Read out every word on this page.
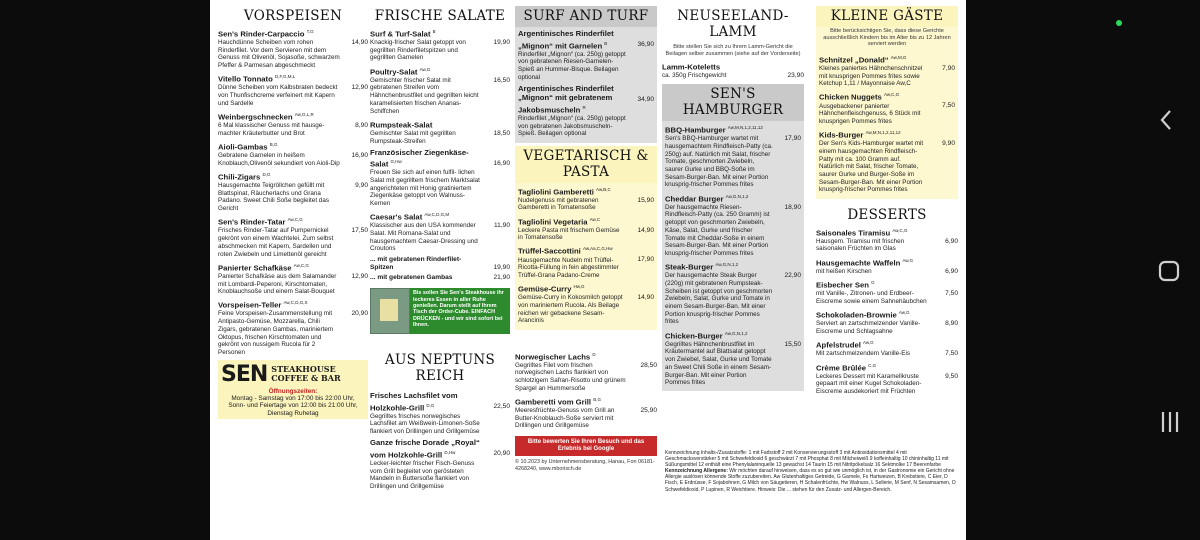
VORSPEISEN
Sen's Rinder-Carpaccio $^{T,G}$
Hauchdünne Scheiben vom rohen Rinderfilet. Vor dem Servieren mit dem Genuss mit Olivenöl, Sojasoße, schwarzem Pfeffer & Parmesan abgeschmeckt
14,90
Vitello Tonnato $^{D,F,G,M,L}$
Dünne Scheiben vom Kalbsbraten bedeckt von Thunfischcreme verfeinert mit Kapern und Sardelle
12,90
Weinbergschnecken $^{Aw,G,L,R}$
6 Mal klassischer Genuss mit hausge-machter Kräuterbutter und Brot
8,90
Aioli-Gambas $^{B,G}$
Gebratene Garnelen in heißem Knoblauch,Olivenöl sekundiert von Aioli-Dip
16,90
Chili-Zigars $^{D,G}$
Hausgemachte Teigröllchen gefüllt mit Blattspinat, Räucherlachs und Grana Padano. Sweet Chili Soße begleitet das Gericht
9,90
Sen's Rinder-Tatar $^{Aw,C,G}$
Frisches Rinder-Tatar auf Pumpernickel gekrönt von einem Wachtelei. Zum selbst abschmecken mit Kapern, Sardellen und roten Zwiebeln und Limettenöl gereicht
17,50
Panierter Schafkäse $^{Aw,C,G}$
Panierter Schafkäse aus dem Salamander mit Lombardi-Peperoni, Kirschtomaten, Knoblauchsoße und einem Salat-Bouquet
12,90
Vorspeisen-Teller $^{Aw,C,D,G,S}$
Feine Vorspeisen-Zusammenstellung mit Antipasto-Gemüse, Mozzarella, Chili Zigars, gebratenen Gambas, mariniertem Oktopus, frischen Kirschtomaten und gekrönt von nussigem Rucola für 2 Personen
20,90
SEN STEAKHOUSE
COFFEE & BAR
Öffnungszeiten:
Montag - Samstag von 17:00 bis 22:00 Uhr,
Sonn- und Feiertage von 12:00 bis 21:00 Uhr,
Dienstag Ruhetag
FRISCHE SALATE
Surf & Turf-Salat $^B$
Knackig-frischer Salat getoppt von gegrillten Rinderfiletspitzen und gegrillten Garnelen
19,90
Poultry-Salat $^{Aw,G}$
Gemischter frischer Salat mit gebratenen Streifen vom Hähnchenbrustfilet und gegrillten leicht karamelisierten frischen Ananas-Schiffchen
16,50
Rumpsteak-Salat
Gemischter Salat mit gegrillten Rumpsteak-Streifen
18,50
Französischer Ziegenkäse-Salat $^{G,Hw}$
Freuen Sie sich auf einen fulfil- lichen Salat mit gegrilltem frischem Marktsalat angerichteten mit Honig gratiniertem Ziegenkäse getoppt von Walnuss-Kernen
16,90
Caesar's Salat $^{Aw,C,D,G,M}$
Klassischer aus den USA kommender Salat. Mit Romana-Salat und hausgemachtem Caesar-Dressing und Croutons
11,90
... mit gebratenen Rinderfilet-Spitzen	19,90
... mit gebratenen Gambas	21,90
Bis sollen Sie Sen's Steakhouse ihr leckeres Essen in aller Ruhe genießen. Darum stellt auf Ihrem Tisch der Order-Cube. EINFACH DRÜCKEN - und wir sind sofort bei Ihnen.
AUS NEPTUNS REICH
Frisches Lachsfilet vom Holzkohle-Grill $^{D,G}$
Gegrilltes frisches norwegisches Lachsfilet am Weißwein-Limonen-Soße flankiert von Drillingen und Grillgemüse
22,50
Ganze frische Dorade „Royal“ vom Holzkohle-Grill $^{D,Hw}$
Lecker-leichter frischer Fisch-Genuss vom Grill begleitet von gerösteten Mandeln in Buttersoße flankiert von Drillingen und Grillgemüse
20,90
SURF AND TURF
Argentinisches Rinderfilet „Mignon“ mit Garnelen $^B$
Rinderfilet „Mignon“ (ca. 250g) getoppt von gebratenen Riesen-Garnelen-Spieß an Hummer-Bisque. Beilagen optional
36,90
Argentinisches Rinderfilet „Mignon“ mit gebratenem Jakobsmuscheln $^R$
Rinderfilet „Mignon“ (ca. 250g) getoppt von gebratenen Jakobsmuscheln-Spieß. Beilagen optional
34,90
VEGETARISCH & PASTA
Tagliolini Gamberetti $^{Aw,B,C}$
Nudelgenuss mit gebratenen Gamberetti in Tomatensoße
15,90
Tagliolini Vegetaria $^{Aw,C}$
Leckere Pasta mit frischem Gemüse in Tomatensoße
14,90
Trüffel-Saccottini $^{Aw,Aa,C,G,Hw}$
Hausgemachte Nudeln mit Trüffel-Ricotta-Füllung in fein abgestimmter Trüffel-Grana Padano-Creme
17,90
Gemüse-Curry $^{Hw,G}$
Gemüse-Curry in Kokosmilch getoppt von mariniertem Rucola. Als Beilage reichen wir gebackene Sesam-Arancinis
14,90
Norwegischer Lachs $^D$
Gegrilltes Filet vom frischen norwegischen Lachs flankiert von schlotzigem Safran-Risotto und grünem Spargel an Hummersoße
28,50
Gamberetti vom Grill $^{B,G}$
Meeresfrüchte-Genuss vom Grill an Butter-Knoblauch-Soße serviert mit Drillingen und Grillgemüse
25,90
Bitte bewerten Sie Ihren Besuch und das Erlebnis bei Google
© 10.2023 by Unternehmensberatung, Hanau, Fon 06181-4268240, www.mborisch.de
NEUSEELAND-LAMM
Bitte stellen Sie sich zu Ihrem Lamm-Gericht die Beilagen selber zusammen (siehe auf der Vorderseite)
Lamm-Koteletts
ca. 350g Frischgewicht	23,90
SEN'S HAMBURGER
BBQ-Hamburger $^{Aw,M,N,1,2,11,12}$
Sen's BBQ-Hamburger wartet mit hausgemachtem Rindfleisch-Patty (ca. 250g) auf. Natürlich mit Salat, frischer Tomate, geschmorten Zwiebeln, saurer Gurke und BBQ-Soße im Sesam-Burger-Ban. Mit einer Portion knusprig-frischer Pommes frites
17,90
Cheddar Burger $^{Aw,G,N,1,2}$
Der hausgemachte Riesen-Rindfleisch-Patty (ca. 250 Gramm) ist getoppt von geschmorten Zwiebeln, Käse, Salat, Gurke und frischer Tomate mit Cheddar-Soße in einem Sesam-Burger-Ban. Mit einer Portion knusprig-frischer Pommes frites
18,90
Steak-Burger $^{Aw,G,N,1,2}$
Der hausgemachte Steak Burger (220g) mit gebratenen Rumpsteak-Scheiben ist getoppt von geschmorten Zwiebeln, Salat, Gurke und Tomate in einem Sesam-Burger-Ban. Mit einer Portion knusprig-frischer Pommes frites
22,90
Chicken-Burger $^{Aw,G,N,1,2}$
Gegrilltes Hähnchenbrustfilet im Kräutermantel auf Blattsalat getoppt von Zwiebel, Salat, Gurke und Tomate an Sweet Chili Soße in einem Sesam-Burger-Ban. Mit einer Portion Pommes frites
15,50
KLEINE GÄSTE
Bitte berücksichtigen Sie, dass diese Gerichte ausschließlich Kindern bis im Alter bis zu 12 Jahren serviert werden
Schnitzel „Donald“ $^{Aw,M,G}$
Kleines paniertes Hähnchenschnitzel mit knusprigen Pommes frites sowie Ketchup 1,11 / Mayonnaise Aw,C
7,90
Chicken Nuggets $^{Aw,C,G}$
Ausgebackener panierter Hähnchenfleischgenuss, 6 Stück mit knusprigen Pommes frites
7,50
Kids-Burger $^{Aw,M,N,1,2,11,12}$
Der Sen's Kids-Hamburger wartet mit einem hausgemachten Rindfleisch-Patty mit ca. 100 Gramm auf. Natürlich mit Salat, frischer Tomate, saurer Gurke und Burger-Soße im Sesam-Burger-Ban. Mit einer Portion knusprig-frischer Pommes frites
9,90
DESSERTS
Saisonales Tiramisu $^{Aw,C,G}$
Hausgem. Tiramisu mit frischen saisonalen Früchten im Glas
6,90
Hausgemachte Waffeln $^{Aw,G}$
mit heißen Kirschen	6,90
Eisbecher Sen $^G$
mit Vanille-, Zitronen- und Erdbeer-Eiscreme sowie einem Sahnehäubchen
7,50
Schokoladen-Brownie $^{Aw,G}$
Serviert an zartschmelzender Vanille-Eiscreme und Schlagsahne
8,90
Apfelstrudel $^{Aw,G}$
Mit zartschmelzendem Vanille-Eis	7,50
Crème Brûlée $^{C,G}$
Leckeres Dessert mit Karamellkruste gepaart mit einer Kugel Schokoladen-Eiscreme ausdekoriert mit Früchten
9,50
Kennzeichnung Inhalts-/Zusatzstoffe: 1 mit Farbstoff 2 mit Konservierungsstoff 3 mit Antioxidationsmittel 4 mit Geschmacksverstärker 5 mit Schwefeldioxid 6 geschwärzt 7 mit Phosphat 8 mit Milcheiweiß 9 koffeinhaltig 10 chininhaltig 11 mit Süßungsmittel 12 enthält eine Phenylalaninquelle 13 gewachst 14 Taurin 15 mit Nitritpökelsalz 16 Sektmolke 17 Beerenfarbe
Kennzeichnung Allergene: Wir möchten darauf hinweisen, dass es so gut wie unmöglich ist, in der Gastronomie ein Gericht ohne Allergie auslösen könnende Stoffe zuzubereiten. Aw Glutenhaltiges Getreide, G Garnele, Fs Hartweizen, B Krebstiere, C Eier, D Fisch, E Erdnüsse, F Sojabohnen, G Milch von Säugetieren, H Schalenfrüchte, Hw Walnuss, L Sellerie, M Senf, N Sesamsamen, O Schwefeldioxid, P Lupinen, R Weichtiere. Hinweis: Die ... stehen für den Zusatz- und Allergen-Bereich.
